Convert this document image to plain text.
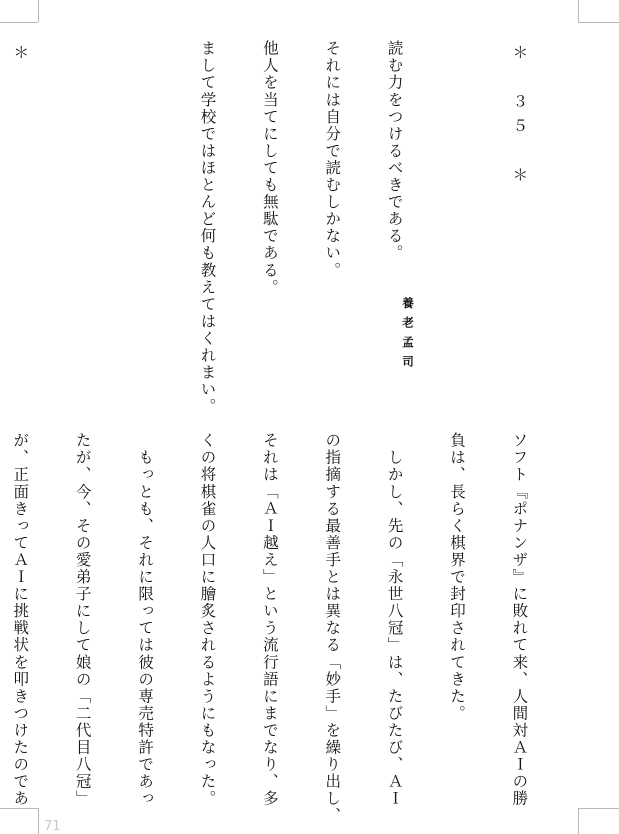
＊　３５　＊

読む力をつけるべきである。

それには自分で読むしかない。

他人を当てにしても無駄である。

まして学校ではほとんど何も教えてはくれまい。

＊

養老孟司

ソフト『ポナンザ』に敗れて来、人間対ＡＩの勝

負は、長らく棋界で封印されてきた。

　しかし、先の「永世八冠」は、たびたび、ＡＩ

の指摘する最善手とは異なる「妙手」を繰り出し、

それは「ＡＩ越え」という流行語にまでなり、多

くの将棋雀の人口に膾炙されるようにもなった。

　もっとも、それに限っては彼の専売特許であっ

たが、今、その愛弟子にして娘の「二代目八冠」

が、正面きってＡＩに挑戦状を叩きつけたのであ

71
